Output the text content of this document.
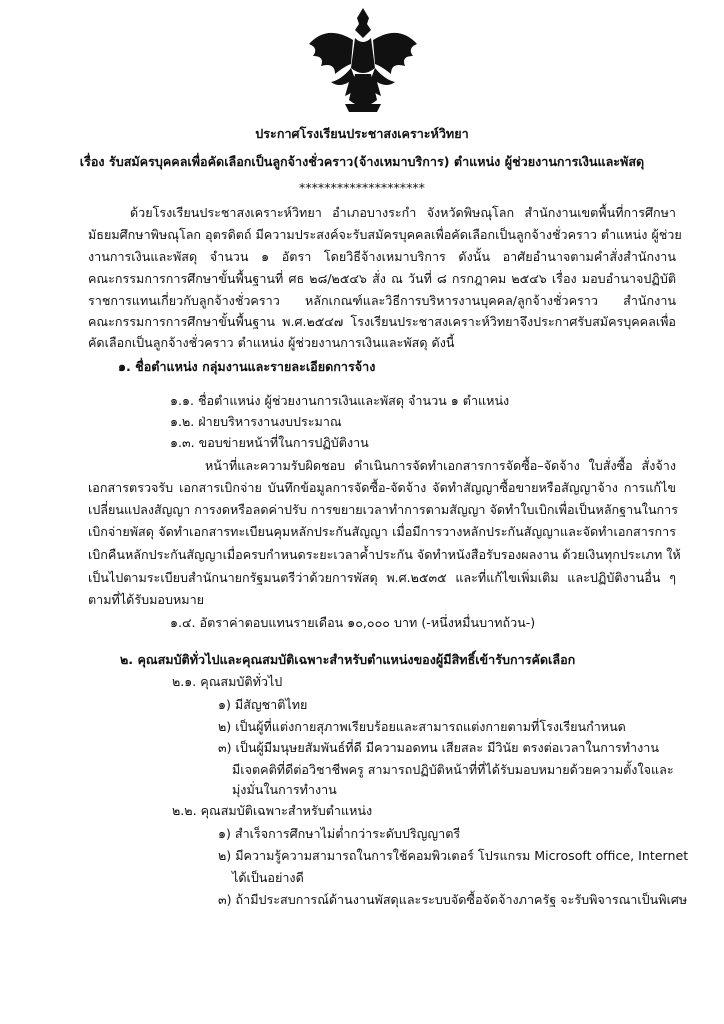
ประกาศโรงเรียนประชาสงเคราะห์วิทยา
เรื่อง รับสมัครบุคคลเพื่อคัดเลือกเป็นลูกจ้างชั่วคราว(จ้างเหมาบริการ) ตำแหน่ง ผู้ช่วยงานการเงินและพัสดุ
********************
ด้วยโรงเรียนประชาสงเคราะห์วิทยา อำเภอบางระกำ จังหวัดพิษณุโลก สำนักงานเขตพื้นที่การศึกษา
มัธยมศึกษาพิษณุโลก อุตรดิตถ์ มีความประสงค์จะรับสมัครบุคคลเพื่อคัดเลือกเป็นลูกจ้างชั่วคราว ตำแหน่ง ผู้ช่วย
งานการเงินและพัสดุ จำนวน ๑ อัตรา โดยวิธีจ้างเหมาบริการ ดังนั้น อาศัยอำนาจตามคำสั่งสำนักงาน
คณะกรรมการการศึกษาขั้นพื้นฐานที่ ศธ ๒๘/๒๕๔๖ สั่ง ณ วันที่ ๘ กรกฎาคม ๒๕๔๖ เรื่อง มอบอำนาจปฏิบัติ
ราชการแทนเกี่ยวกับลูกจ้างชั่วคราว หลักเกณฑ์และวิธีการบริหารงานบุคคล/ลูกจ้างชั่วคราว สำนักงาน
คณะกรรมการการศึกษาขั้นพื้นฐาน พ.ศ.๒๕๔๗ โรงเรียนประชาสงเคราะห์วิทยาจึงประกาศรับสมัครบุคคลเพื่อ
คัดเลือกเป็นลูกจ้างชั่วคราว ตำแหน่ง ผู้ช่วยงานการเงินและพัสดุ ดังนี้
๑. ชื่อตำแหน่ง กลุ่มงานและรายละเอียดการจ้าง
๑.๑. ชื่อตำแหน่ง ผู้ช่วยงานการเงินและพัสดุ จำนวน ๑ ตำแหน่ง
๑.๒. ฝ่ายบริหารงานงบประมาณ
๑.๓. ขอบข่ายหน้าที่ในการปฏิบัติงาน
หน้าที่และความรับผิดชอบ ดำเนินการจัดทำเอกสารการจัดซื้อ–จัดจ้าง ใบสั่งซื้อ สั่งจ้าง
เอกสารตรวจรับ เอกสารเบิกจ่าย บันทึกข้อมูลการจัดซื้อ-จัดจ้าง จัดทำสัญญาซื้อขายหรือสัญญาจ้าง การแก้ไข
เปลี่ยนแปลงสัญญา การงดหรือลดค่าปรับ การขยายเวลาทำการตามสัญญา จัดทำใบเบิกเพื่อเป็นหลักฐานในการ
เบิกจ่ายพัสดุ จัดทำเอกสารทะเบียนคุมหลักประกันสัญญา เมื่อมีการวางหลักประกันสัญญาและจัดทำเอกสารการ
เบิกคืนหลักประกันสัญญาเมื่อครบกำหนดระยะเวลาค้ำประกัน จัดทำหนังสือรับรองผลงาน ด้วยเงินทุกประเภท ให้
เป็นไปตามระเบียบสำนักนายกรัฐมนตรีว่าด้วยการพัสดุ พ.ศ.๒๕๓๕ และที่แก้ไขเพิ่มเติม และปฏิบัติงานอื่น ๆ
ตามที่ได้รับมอบหมาย
๑.๔. อัตราค่าตอบแทนรายเดือน ๑๐,๐๐๐ บาท (-หนึ่งหมื่นบาทถ้วน-)
๒. คุณสมบัติทั่วไปและคุณสมบัติเฉพาะสำหรับตำแหน่งของผู้มีสิทธิ์เข้ารับการคัดเลือก
๒.๑. คุณสมบัติทั่วไป
๑) มีสัญชาติไทย
๒) เป็นผู้ที่แต่งกายสุภาพเรียบร้อยและสามารถแต่งกายตามที่โรงเรียนกำหนด
๓) เป็นผู้มีมนุษยสัมพันธ์ที่ดี มีความอดทน เสียสละ มีวินัย ตรงต่อเวลาในการทำงาน
มีเจตคติที่ดีต่อวิชาชีพครู สามารถปฏิบัติหน้าที่ที่ได้รับมอบหมายด้วยความตั้งใจและ
มุ่งมั่นในการทำงาน
๒.๒. คุณสมบัติเฉพาะสำหรับตำแหน่ง
๑) สำเร็จการศึกษาไม่ต่ำกว่าระดับปริญญาตรี
๒) มีความรู้ความสามารถในการใช้คอมพิวเตอร์ โปรแกรม Microsoft office, Internet
ได้เป็นอย่างดี
๓) ถ้ามีประสบการณ์ด้านงานพัสดุและระบบจัดซื้อจัดจ้างภาครัฐ จะรับพิจารณาเป็นพิเศษ
